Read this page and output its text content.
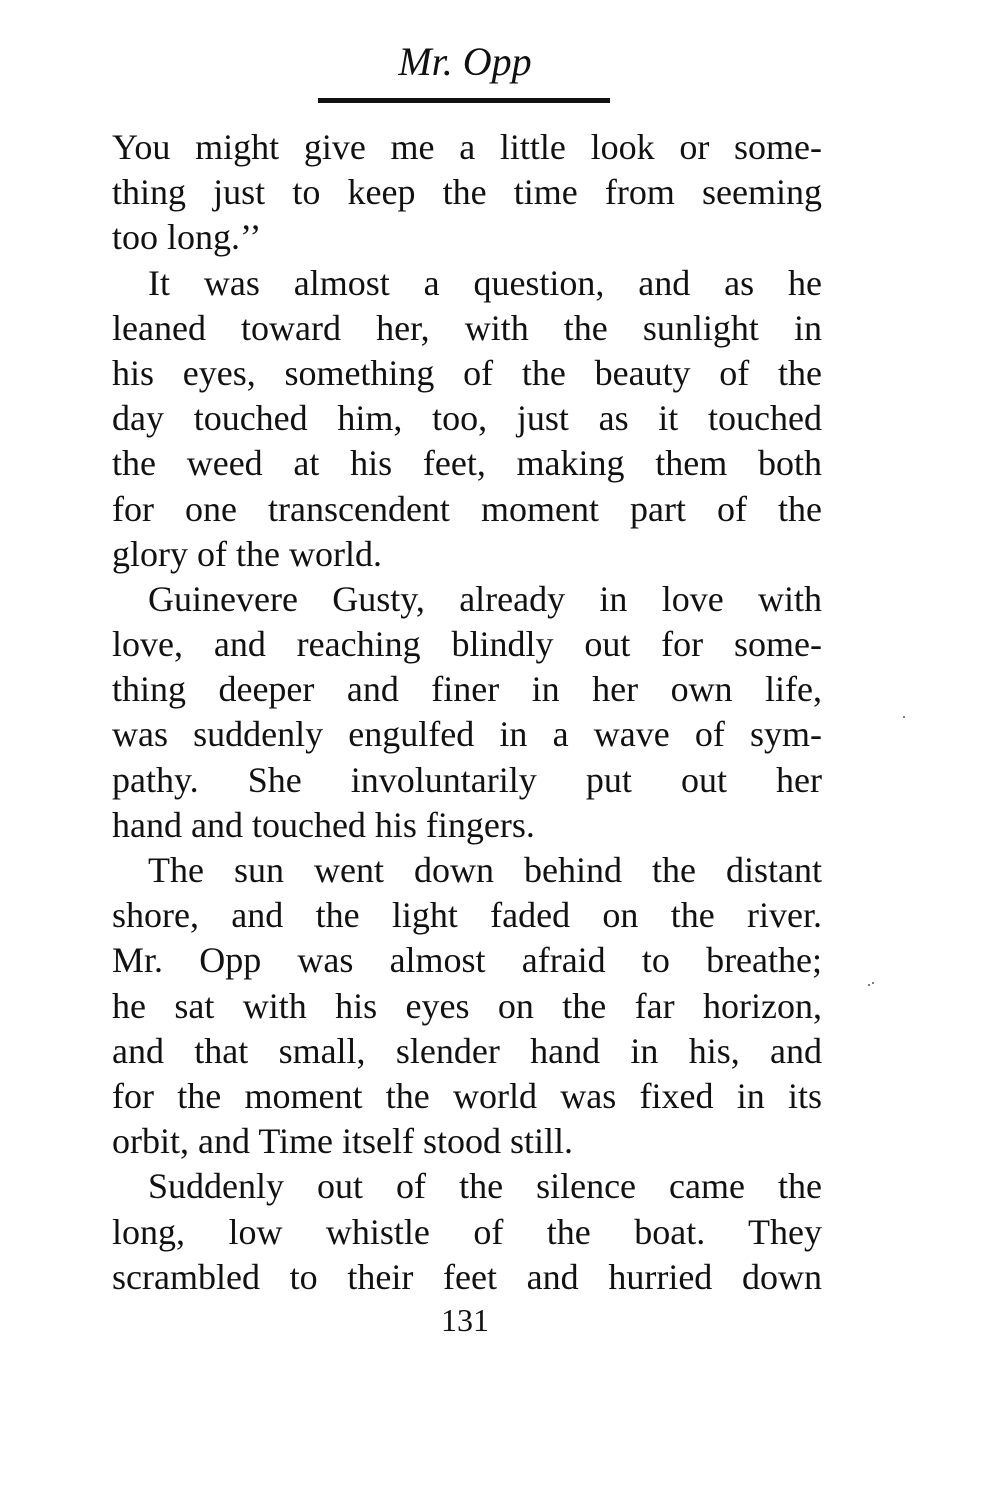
Mr. Opp
You might give me a little look or some-
thing just to keep the time from seeming
too long.’’
It was almost a question, and as he
leaned toward her, with the sunlight in
his eyes, something of the beauty of the
day touched him, too, just as it touched
the weed at his feet, making them both
for one transcendent moment part of the
glory of the world.
Guinevere Gusty, already in love with
love, and reaching blindly out for some-
thing deeper and finer in her own life,
was suddenly engulfed in a wave of sym-
pathy. She involuntarily put out her
hand and touched his fingers.
The sun went down behind the distant
shore, and the light faded on the river.
Mr. Opp was almost afraid to breathe;
he sat with his eyes on the far horizon,
and that small, slender hand in his, and
for the moment the world was fixed in its
orbit, and Time itself stood still.
Suddenly out of the silence came the
long, low whistle of the boat. They
scrambled to their feet and hurried down
131
